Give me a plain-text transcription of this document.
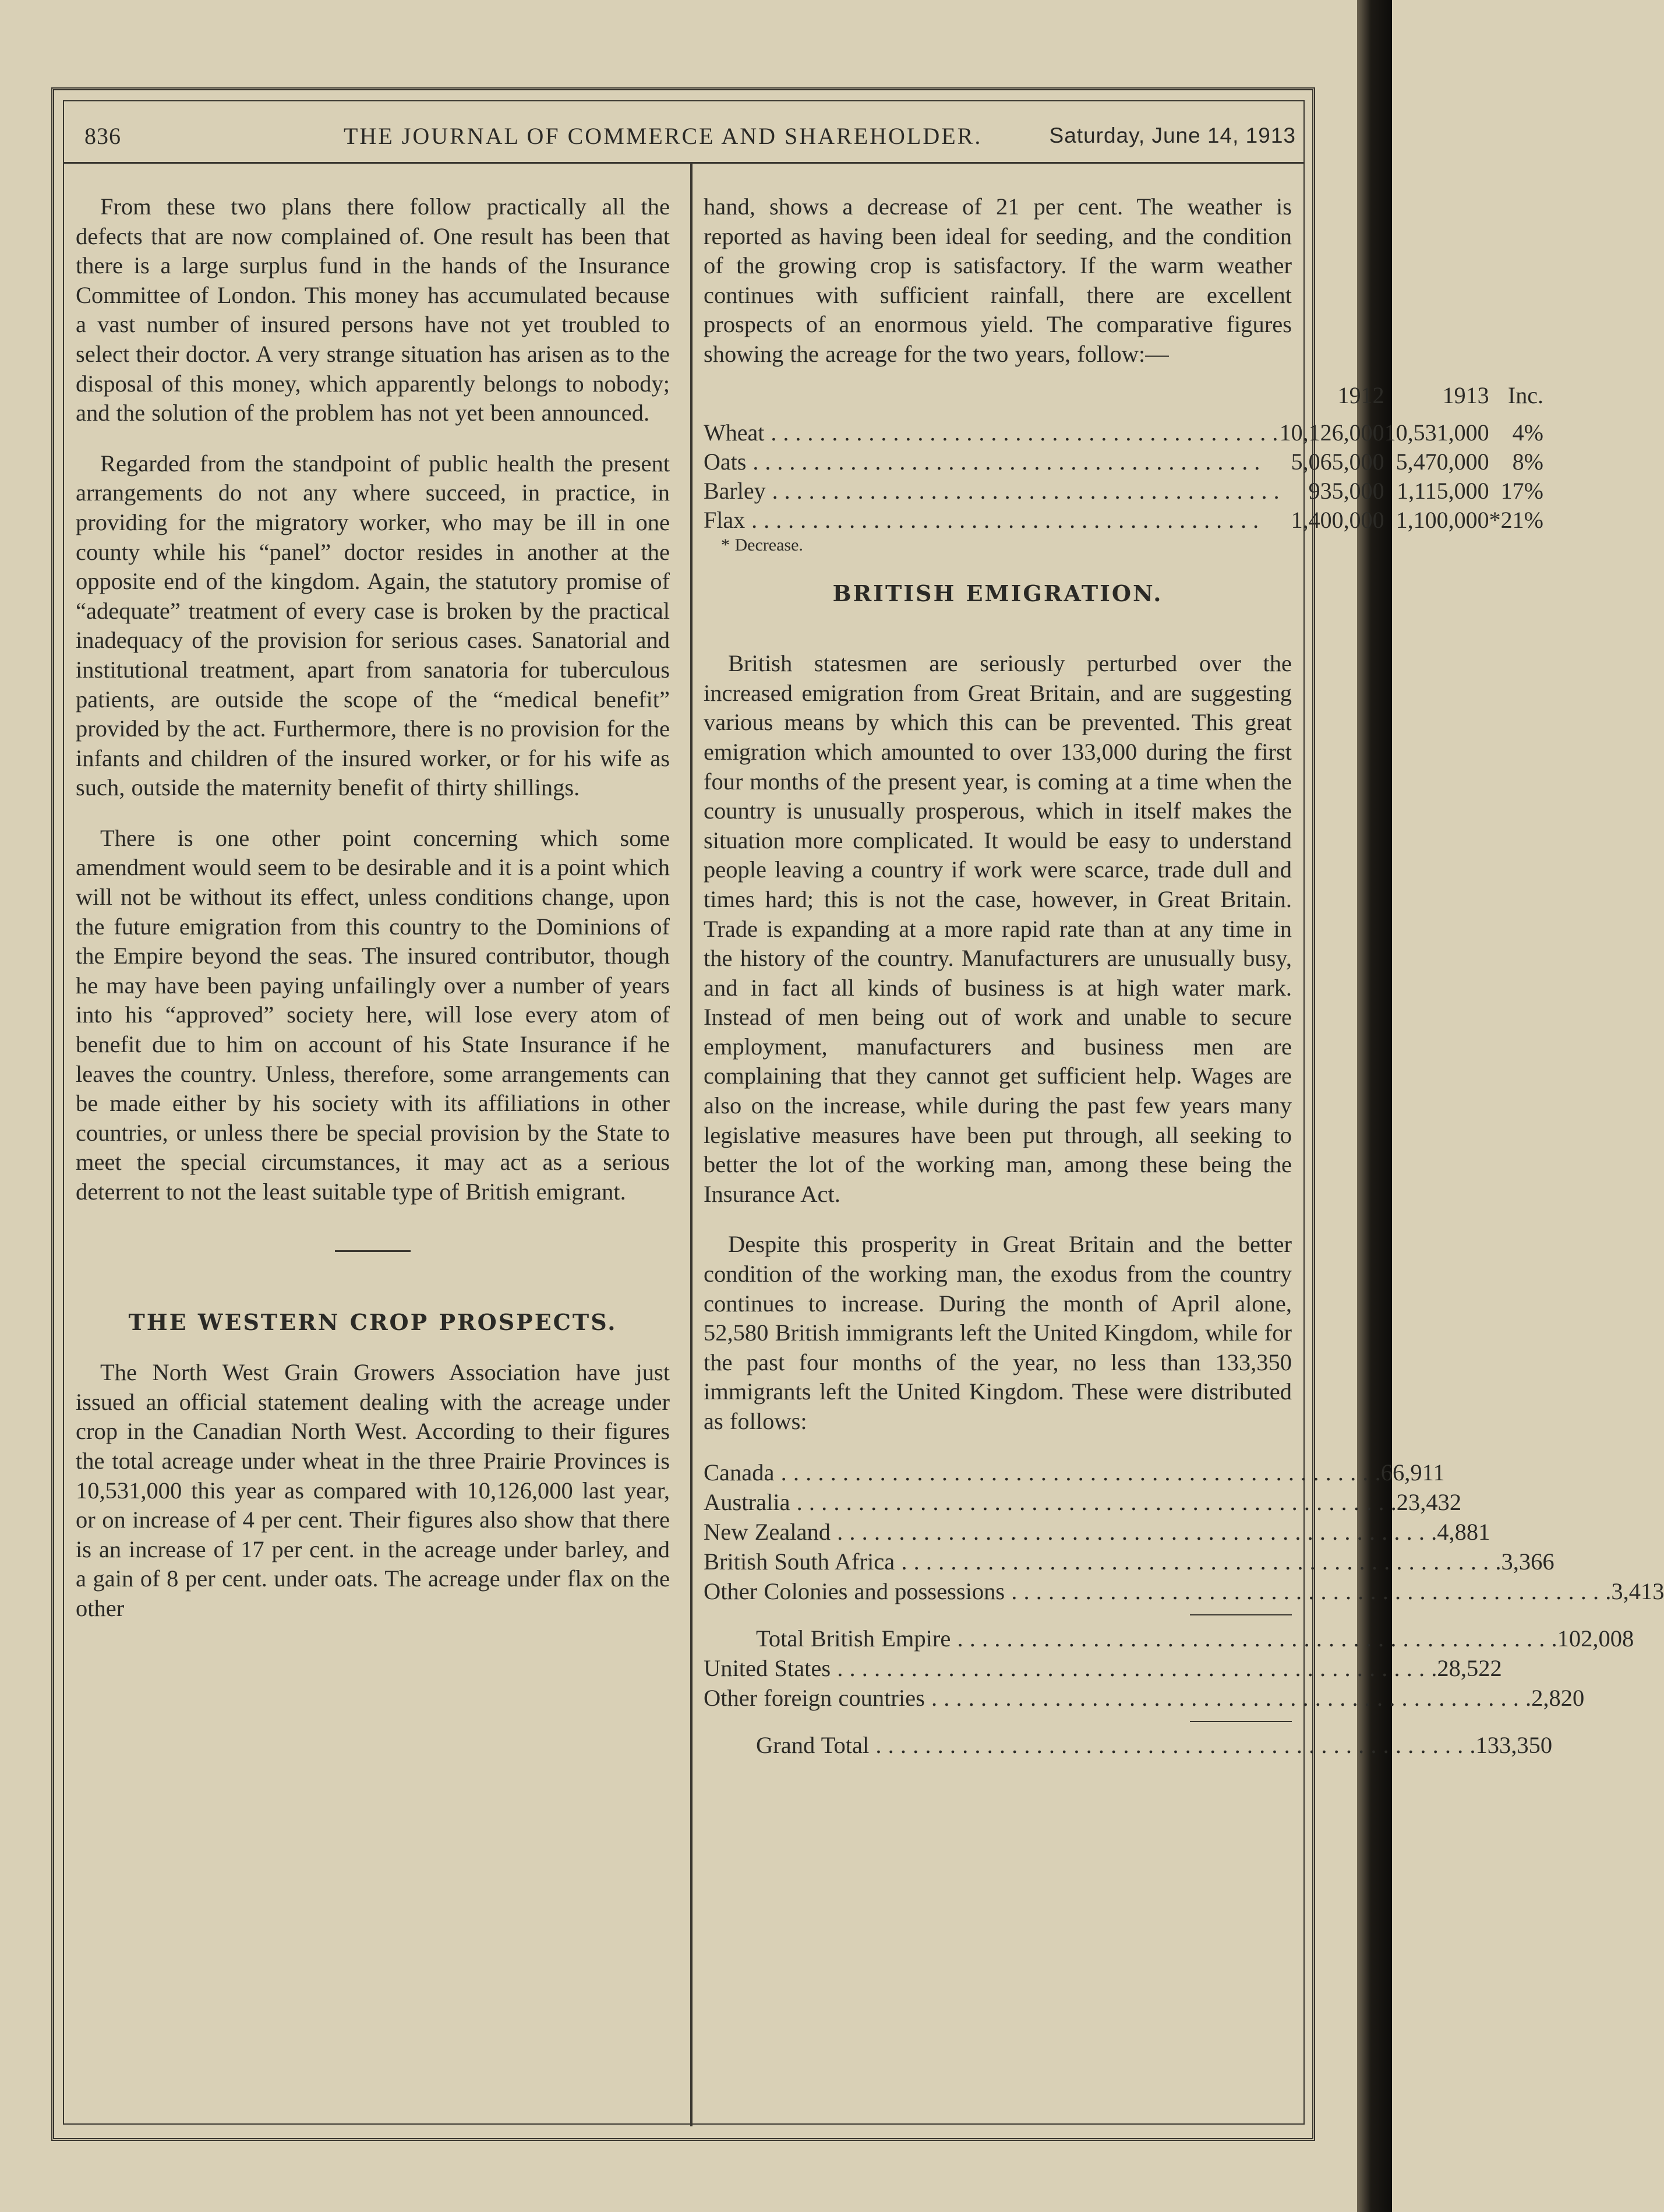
836	THE JOURNAL OF COMMERCE AND SHAREHOLDER.	Saturday, June 14, 1913

From these two plans there follow practically all the defects that are now complained of. One result has been that there is a large surplus fund in the hands of the Insurance Committee of London. This money has accumulated because a vast number of insured persons have not yet troubled to select their doctor. A very strange situation has arisen as to the disposal of this money, which apparently belongs to nobody; and the solution of the problem has not yet been announced.

Regarded from the standpoint of public health the present arrangements do not any where succeed, in practice, in providing for the migratory worker, who may be ill in one county while his “panel” doctor resides in another at the opposite end of the kingdom. Again, the statutory promise of “adequate” treatment of every case is broken by the practical inadequacy of the provision for serious cases. Sanatorial and institutional treatment, apart from sanatoria for tuberculous patients, are outside the scope of the “medical benefit” provided by the act. Furthermore, there is no provision for the infants and children of the insured worker, or for his wife as such, outside the maternity benefit of thirty shillings.

There is one other point concerning which some amendment would seem to be desirable and it is a point which will not be without its effect, unless conditions change, upon the future emigration from this country to the Dominions of the Empire beyond the seas. The insured contributor, though he may have been paying unfailingly over a number of years into his “approved” society here, will lose every atom of benefit due to him on account of his State Insurance if he leaves the country. Unless, therefore, some arrangements can be made either by his society with its affiliations in other countries, or unless there be special provision by the State to meet the special circumstances, it may act as a serious deterrent to not the least suitable type of British emigrant.

THE WESTERN CROP PROSPECTS.

The North West Grain Growers Association have just issued an official statement dealing with the acreage under crop in the Canadian North West. According to their figures the total acreage under wheat in the three Prairie Provinces is 10,531,000 this year as compared with 10,126,000 last year, or on increase of 4 per cent. Their figures also show that there is an increase of 17 per cent. in the acreage under barley, and a gain of 8 per cent. under oats. The acreage under flax on the other

hand, shows a decrease of 21 per cent. The weather is reported as having been ideal for seeding, and the condition of the growing crop is satisfactory. If the warm weather continues with sufficient rainfall, there are excellent prospects of an enormous yield. The comparative figures showing the acreage for the two years, follow:—

	1912	1913	Inc.

Wheat . . .	10,126,000	10,531,000	4%
Oats . . .	5,065,000	5,470,000	8%
Barley . . .	935,000	1,115,000	17%
Flax . . .	1,400,000	1,100,000	*21%
* Decrease.
BRITISH EMIGRATION.

British statesmen are seriously perturbed over the increased emigration from Great Britain, and are suggesting various means by which this can be prevented. This great emigration which amounted to over 133,000 during the first four months of the present year, is coming at a time when the country is unusually prosperous, which in itself makes the situation more complicated. It would be easy to understand people leaving a country if work were scarce, trade dull and times hard; this is not the case, however, in Great Britain. Trade is expanding at a more rapid rate than at any time in the history of the country. Manufacturers are unusually busy, and in fact all kinds of business is at high water mark. Instead of men being out of work and unable to secure employment, manufacturers and business men are complaining that they cannot get sufficient help. Wages are also on the increase, while during the past few years many legislative measures have been put through, all seeking to better the lot of the working man, among these being the Insurance Act.

Despite this prosperity in Great Britain and the better condition of the working man, the exodus from the country continues to increase. During the month of April alone, 52,580 British immigrants left the United Kingdom, while for the past four months of the year, no less than 133,350 immigrants left the United Kingdom. These were distributed as follows:

Canada . . .	66,911
Australia . . .	23,432
New Zealand . . .	4,881
British South Africa . . .	3,366
Other Colonies and possessions . . .	3,413
Total British Empire . . .	102,008
United States . . .	28,522
Other foreign countries . . .	2,820
Grand Total . . .	133,350
